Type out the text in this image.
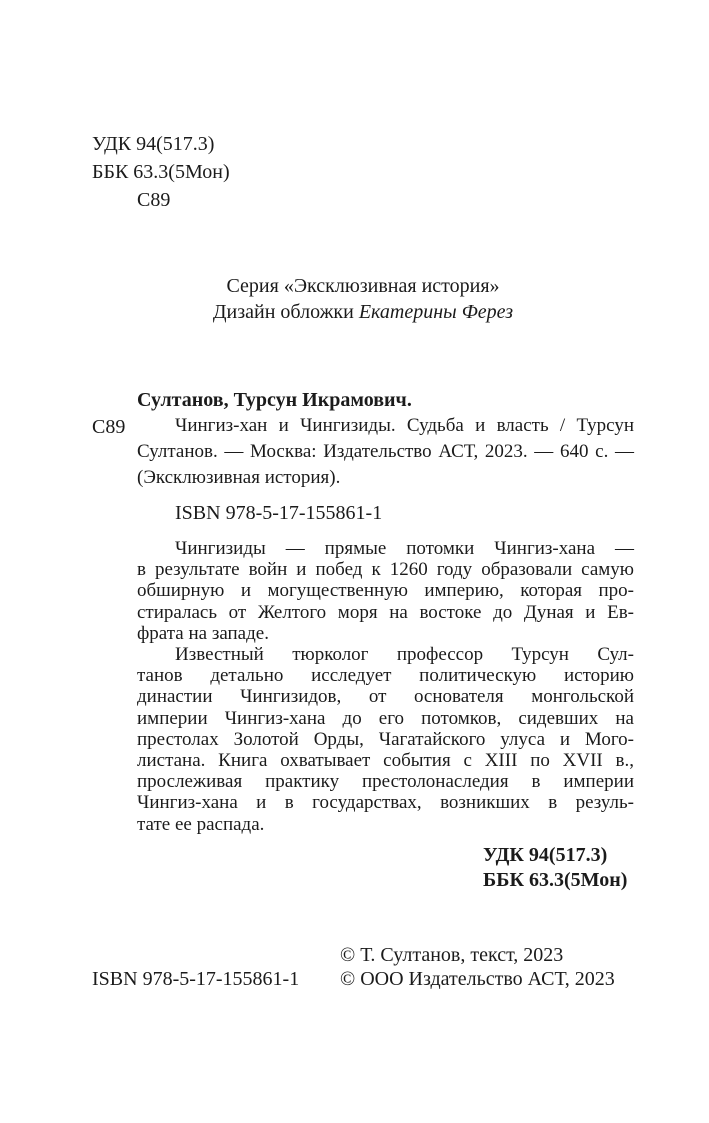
УДК 94(517.3)
ББК 63.3(5Мон)
С89
Серия «Эксклюзивная история»
Дизайн обложки Екатерины Ферез
С89
Султанов, Турсун Икрамович.
Чингиз-хан и Чингизиды. Судьба и власть / Турсун
Султанов. — Москва: Издательство АСТ, 2023. — 640 с. —
(Эксклюзивная история).
ISBN 978-5-17-155861-1
Чингизиды — прямые потомки Чингиз-хана —
в результате войн и побед к 1260 году образовали самую
обширную и могущественную империю, которая про-
стиралась от Желтого моря на востоке до Дуная и Ев-
фрата на западе.
Известный тюрколог профессор Турсун Сул-
танов детально исследует политическую историю
династии Чингизидов, от основателя монгольской
империи Чингиз-хана до его потомков, сидевших на
престолах Золотой Орды, Чагатайского улуса и Мого-
листана. Книга охватывает события с XIII по XVII в.,
прослеживая практику престолонаследия в империи
Чингиз-хана и в государствах, возникших в резуль-
тате ее распада.
УДК 94(517.3)
ББК 63.3(5Мон)
© Т. Султанов, текст, 2023
ISBN 978-5-17-155861-1 © ООО Издательство АСТ, 2023
